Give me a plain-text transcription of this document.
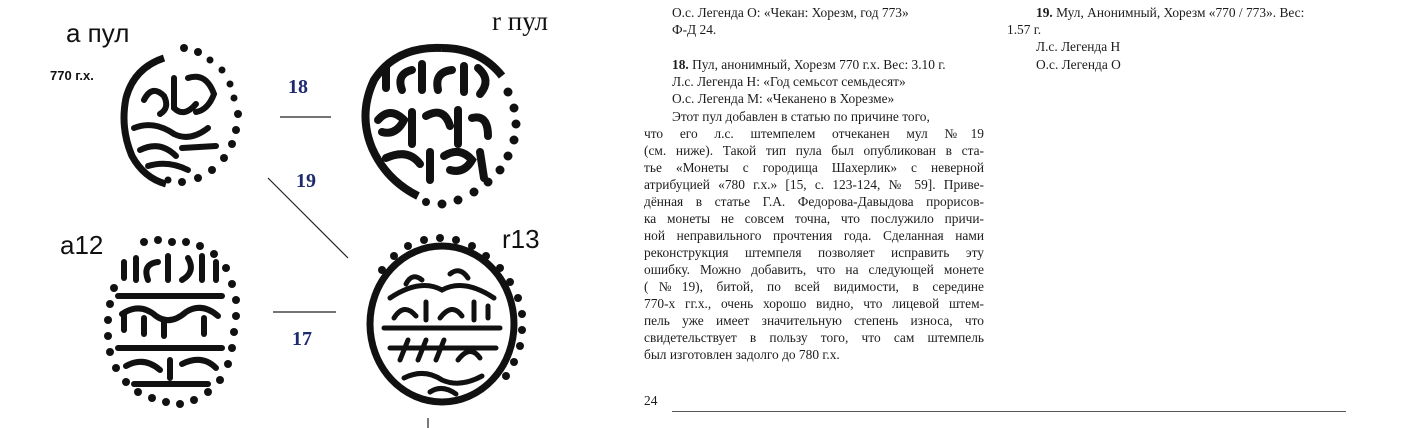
а пул
770 г.х.
r пул
а12	r13
18
19
17
О.с. Легенда О: «Чекан: Хорезм, год 773»
Ф-Д 24.
18. Пул, анонимный, Хорезм 770 г.х. Вес: 3.10 г.
Л.с. Легенда Н: «Год семьсот семьдесят»
О.с. Легенда М: «Чеканено в Хорезме»
Этот пул добавлен в статью по причине того,
что его л.с. штемпелем отчеканен мул №19
(см. ниже). Такой тип пула был опубликован в ста-
тье «Монеты с городища Шахерлик» с неверной
атрибуцией «780 г.х.» [15, с. 123-124, № 59]. Приве-
дённая в статье Г.А. Федорова-Давыдова прорисов-
ка монеты не совсем точна, что послужило причи-
ной неправильного прочтения года. Сделанная нами
реконструкция штемпеля позволяет исправить эту
ошибку. Можно добавить, что на следующей монете
(№19), битой, по всей видимости, в середине
770-х гг.х., очень хорошо видно, что лицевой штем-
пель уже имеет значительную степень износа, что
свидетельствует в пользу того, что сам штемпель
был изготовлен задолго до 780 г.х.
24
19. Мул, Анонимный, Хорезм «770 / 773». Вес:
1.57 г.
Л.с. Легенда Н
О.с. Легенда О
